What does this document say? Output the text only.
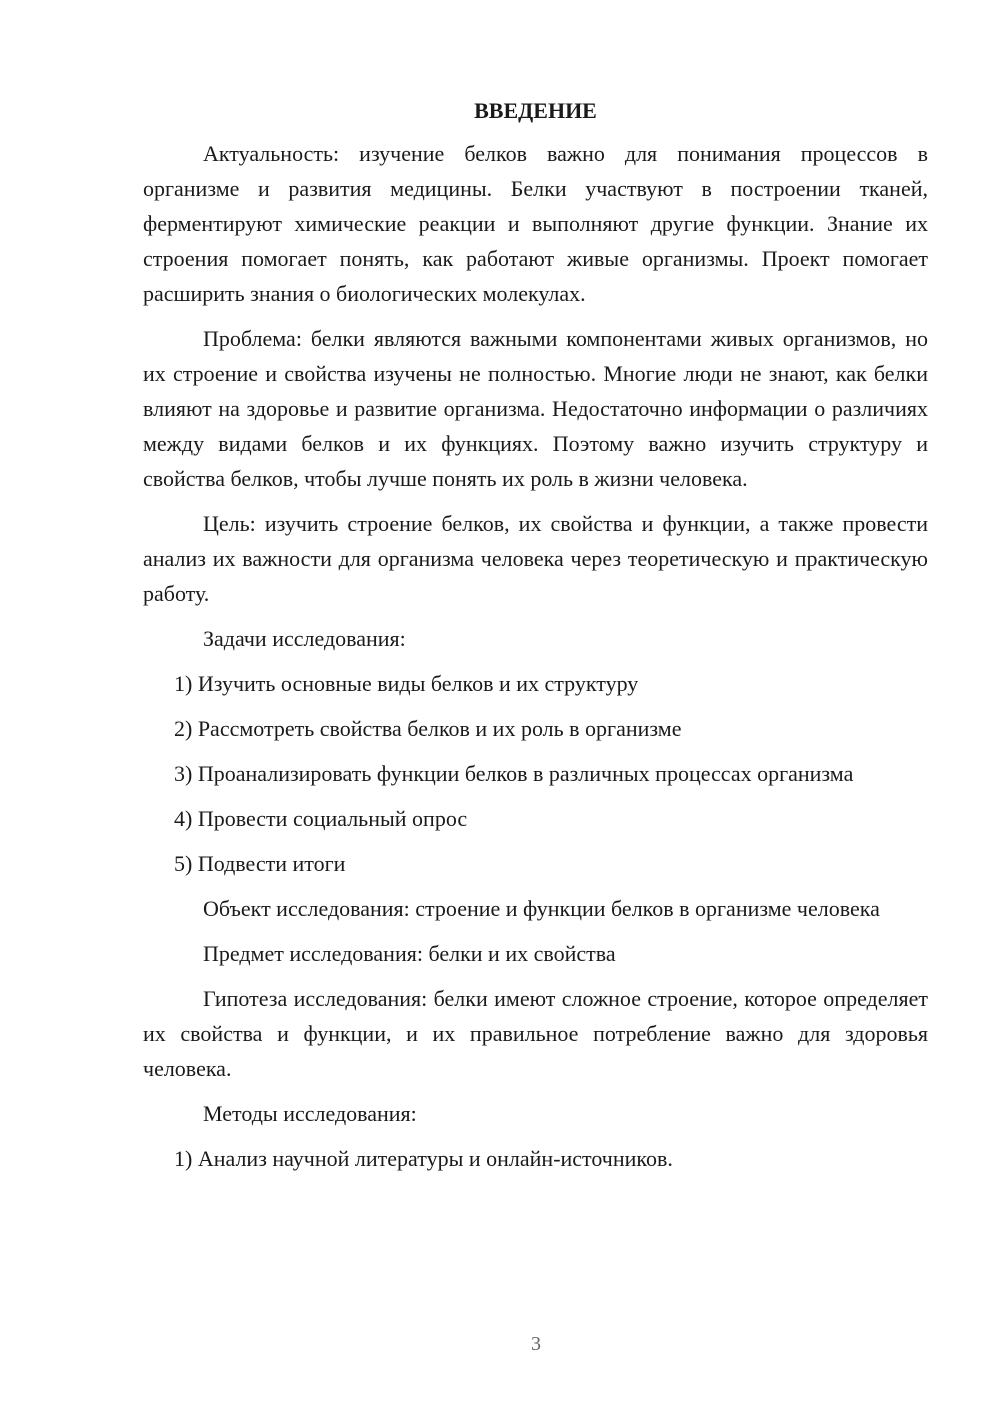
ВВЕДЕНИЕ

Актуальность: изучение белков важно для понимания процессов в организме и развития медицины. Белки участвуют в построении тканей, ферментируют химические реакции и выполняют другие функции. Знание их строения помогает понять, как работают живые организмы. Проект помогает расширить знания о биологических молекулах.

Проблема: белки являются важными компонентами живых организмов, но их строение и свойства изучены не полностью. Многие люди не знают, как белки влияют на здоровье и развитие организма. Недостаточно информации о различиях между видами белков и их функциях. Поэтому важно изучить структуру и свойства белков, чтобы лучше понять их роль в жизни человека.

Цель: изучить строение белков, их свойства и функции, а также провести анализ их важности для организма человека через теоретическую и практическую работу.

Задачи исследования:

1) Изучить основные виды белков и их структуру

2) Рассмотреть свойства белков и их роль в организме

3) Проанализировать функции белков в различных процессах организма

4) Провести социальный опрос

5) Подвести итоги

Объект исследования: строение и функции белков в организме человека

Предмет исследования: белки и их свойства

Гипотеза исследования: белки имеют сложное строение, которое определяет их свойства и функции, и их правильное потребление важно для здоровья человека.

Методы исследования:

1) Анализ научной литературы и онлайн-источников.

3
